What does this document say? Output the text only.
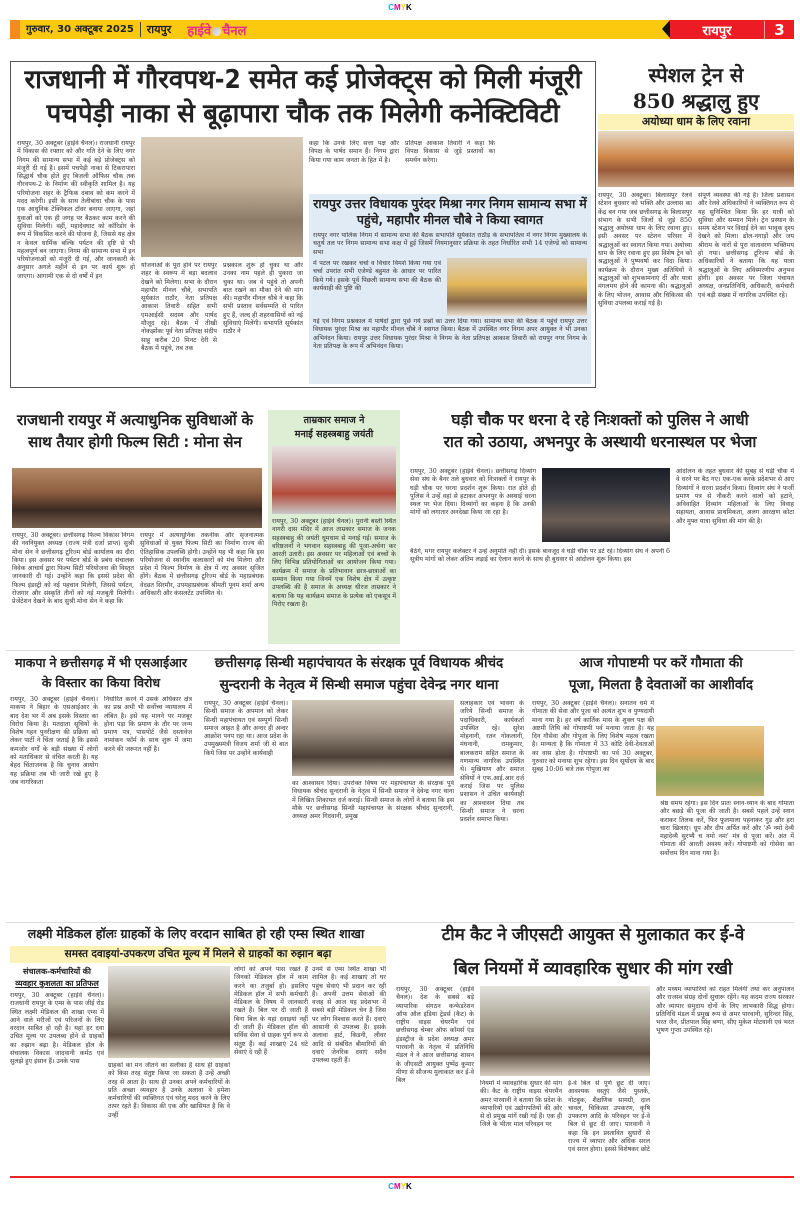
CMYK
गुरुवार, 30 अक्टूबर 2025	रायपुर	हाईवे चैनल	रायपुर	3
राजधानी में गौरवपथ-2 समेत कई प्रोजेक्ट्स को मिली मंजूरी
पचपेड़ी नाका से बूढ़ापारा चौक तक मिलेगी कनेक्टिविटी
रायपुर, 30 अक्टूबर (हाईवे चैनल)। राजधानी रायपुर में विकास की रफ्तार को और गति देने के लिए नगर निगम की सामान्य सभा में कई बड़े प्रोजेक्ट्स को मंजूरी दी गई है। इसमें पचपेड़ी नाका से टिकरापारा सिद्धार्थ चौक होते हुए बिजली ऑफिस चौक तक गौरवपथ-2 के निर्माण की स्वीकृति शामिल है। यह परियोजना शहर के ट्रैफिक दबाव को कम करने में मदद करेगी। इसी के साथ तेलीबांधा चौक के पास एक आधुनिक टेक्निकल टॉवर बनाया जाएगा, जहां युवाओं को एक ही जगह पर बैठकर काम करने की सुविधा मिलेगी। वहीं, महादेवघाट को कॉरिडोर के रूप में विकसित करने की योजना है, जिससे यह क्षेत्र न केवल धार्मिक बल्कि पर्यटन की दृष्टि से भी महत्वपूर्ण बन जाएगा। निगम की सामान्य सभा में इन परियोजनाओं को मंजूरी दी गई, और जानकारी के अनुसार अगले महीने से इन पर कार्य शुरू हो जाएगा। आगामी एक से दो वर्षों में इन
योजनाओं के पूरा होने पर रायपुर शहर के स्वरूप में बड़ा बदलाव देखने को मिलेगा। सभा के दौरान महापौर मीनल चौबे, सभापति सूर्यकांत राठौर, नेता प्रतिपक्ष आकाश तिवारी सहित सभी एमआईसी सदस्य और पार्षद मौजूद रहे। बैठक में तीखी नोकझोंकः पूर्व नेता प्रतिपक्ष संदीप साहू करीब 20 मिनट देरी से बैठक में पहुंचे, तब तक
प्रश्नकाल शुरू हो चुका था और उनका नाम पहले ही पुकारा जा चुका था। जब वे पहुंचे तो अपनी बात रखने का मौका देने की मांग की। महापौर मीनल चौबे ने कहा कि सभी प्रस्ताव सर्वसम्मति से पारित हुए हैं, जल्द ही शहरवासियों को नई सुविधाएं मिलेंगी। सभापति सूर्यकांत राठौर ने
कहा कि उनके लिए सत्ता पक्ष और विपक्ष के पार्षद समान हैं। निगम द्वारा किया गया काम जनता के हित में है।
प्रतिपक्ष आकाश तिवारी ने कहा कि विपक्ष विकास से जुड़े प्रस्तावों का समर्थन करेगा।
रायपुर उत्तर विधायक पुरंदर मिश्रा नगर निगम सामान्य सभा में पहुंचे, महापौर मीनल चौबे ने किया स्वागत
रायपुर नगर पालिक निगम में सामान्य सभा की बैठक सभापति सूर्यकांत राठौड़ के सभापतित्व में नगर निगम मुख्यालय के चतुर्थ तल पर निगम सामान्य सभा कक्ष में हुई जिसमें नियमानुसार प्रक्रिया के तहत निर्धारित सभी 14 एजेण्डे को सामान्य सभा
में पटल पर रखकर चर्चा व विचार विमर्श किया गया एवं चर्चा उपरांत सभी एजेण्डे बहुमत के आधार पर पारित किये गये। इसके पूर्व पिछली सामान्य सभा की बैठक की कार्यवाही की पुष्टि की
गई एवं निगम प्रश्नकाल में पार्षदों द्वारा पूछे गये प्रश्नों का उत्तर दिया गया। सामान्य सभा की बैठक में पहुंचे रायपुर उत्तर विधायक पुरंदर मिश्रा का महापौर मीनल चौबे ने स्वागत किया। बैठक में उपस्थित नगर निगम अपर आयुक्त ने भी उनका अभिनंदन किया। रायपुर उत्तर विधायक पुरंदर मिश्रा ने निगम के नेता प्रतिपक्ष आकाश तिवारी को रायपुर नगर निगम के नेता प्रतिपक्ष के रूप में अभिनंदन किया।
स्पेशल ट्रेन से
850 श्रद्धालु हुए
अयोध्या धाम के लिए रवाना
रायपुर, 30 अक्टूबर। बिलासपुर रेलवे स्टेशन बुधवार को भक्ति और उल्लास का केंद्र बन गया जब छत्तीसगढ़ के बिलासपुर संभाग के सभी जिलों से जुड़े 850 श्रद्धालु अयोध्या धाम के लिए रवाना हुए। इसी अवसर पर स्टेशन परिसर में श्रद्धालुओं का स्वागत किया गया। अयोध्या धाम के लिए रवाना हुए इस विशेष ट्रेन को श्रद्धालुओं ने पुष्पवर्षा कर विदा किया। कार्यक्रम के दौरान मुख्य अतिथियों ने श्रद्धालुओं को शुभकामनाएं दीं और यात्रा मंगलमय होने की कामना की। श्रद्धालुओं के लिए भोजन, आवास और चिकित्सा की सुविधा उपलब्ध कराई गई है।
संपूर्ण व्यवस्था की गई है। जिला प्रशासन और रेलवे अधिकारियों ने व्यक्तिगत रूप से यह सुनिश्चित किया कि हर यात्री को सुविधा और सम्मान मिले। ट्रेन प्रस्थान के समय स्टेशन पर विदाई देने का भावुक दृश्य देखने को मिला। ढोल-नगाड़ों और जय श्रीराम के नारों से पूरा वातावरण भक्तिमय हो गया। छत्तीसगढ़ टूरिज्म बोर्ड के अधिकारियों ने बताया कि यह यात्रा श्रद्धालुओं के लिए अविस्मरणीय अनुभव होगी। इस अवसर पर जिला पंचायत अध्यक्ष, जनप्रतिनिधि, अधिकारी, कर्मचारी एवं बड़ी संख्या में नागरिक उपस्थित रहे।
राजधानी रायपुर में अत्याधुनिक सुविधाओं के
साथ तैयार होगी फिल्म सिटी : मोना सेन
रायपुर, 30 अक्टूबर। छत्तीसगढ़ फिल्म विकास निगम की नवनियुक्त अध्यक्ष (राज्य मंत्री दर्जा प्राप्त) सुश्री मोना सेन ने छत्तीसगढ़ टूरिज्म बोर्ड कार्यालय का दौरा किया। इस अवसर पर पर्यटन बोर्ड के प्रबंध संचालक विवेक आचार्य द्वारा फिल्म सिटी परियोजना की विस्तृत जानकारी दी गई। उन्होंने कहा कि इससे प्रदेश की फिल्म इंडस्ट्री को नई पहचान मिलेगी, जिससे पर्यटन, रोजगार और संस्कृति तीनों को नई मजबूती मिलेगी। प्रेजेंटेशन देखने के बाद सुश्री मोना सेन ने कहा कि
रायपुर में अत्याधुनिक तकनीक और सृजनात्मक सुविधाओं से युक्त फिल्म सिटी का निर्माण राज्य की ऐतिहासिक उपलब्धि होगी। उन्होंने यह भी कहा कि इस परियोजना से स्थानीय कलाकारों को मंच मिलेगा और प्रदेश में फिल्म निर्माण के क्षेत्र में नए अवसर सृजित होंगे। बैठक में छत्तीसगढ़ टूरिज्म बोर्ड के महाप्रबंधक वेदव्रत सिरमौर, उपमहाप्रबंधक श्रीमती पूनम शर्मा अन्य अधिकारी और कंसलटेंट उपस्थित थे।
ताम्रकार समाज ने
मनाई सहस्त्रबाहु जयंती
रायपुर, 30 अक्टूबर (हाईवे चैनल)। पुरानी बस्ती स्थित नागरी दास मंदिर में आज ताम्रकार समाज के जनक सहस्त्रबाहु की जयंती धूमधाम से मनाई गई। समाज के वरिष्ठजनों ने भगवान सहस्त्रबाहु की पूजा-अर्चना कर आरती उतारी। इस अवसर पर महिलाओं एवं बच्चों के लिए विभिन्न प्रतियोगिताओं का आयोजन किया गया। कार्यक्रम में समाज के प्रतिभावान छात्र-छात्राओं का सम्मान किया गया जिनमें एक विशेष क्षेत्र में उत्कृष्ट उपलब्धि की है समाज के अध्यक्ष धीरज ताम्रकार ने बताया कि यह कार्यक्रम समाज के प्रत्येक को एकसूत्र में पिरोए रखता है।
घड़ी चौक पर धरना दे रहे निःशक्तों को पुलिस ने आधी
रात को उठाया, अभनपुर के अस्थायी धरनास्थल पर भेजा
रायपुर, 30 अक्टूबर (हाईवे चैनल)। छत्तीसगढ़ दिव्यांग सेवा संघ के बैनर तले बुधवार को निःशक्तों ने रायपुर के घड़ी चौक पर धरना प्रदर्शन शुरू किया। रात होते ही पुलिस ने उन्हें वहां से हटाकर अभनपुर के अस्थाई धरना स्थल पर भेज दिया। दिव्यांगों का कहना है कि उनकी मांगों को लगातार अनदेखा किया जा रहा है।
बैठेंगे, मगर रायपुर कलेक्टर ने उन्हें अनुमति नहीं दी। इसके बावजूद वे घड़ी चौक पर डटे रहे। दिव्यांग संघ ने अपनी 6 सूत्रीय मांगों को लेकर अंतिम लड़ाई का ऐलान करने के साथ ही बुधवार से आंदोलन शुरू किया। इस
आंदोलन के तहत बुधवार की सुबह से घड़ी चौक में वे धरने पर बैठ गए। एक-एक करके प्रदेशभर से आए दिव्यांगों ने धरना प्रदर्शन किया। दिव्यांग संघ ने फर्जी प्रमाण पत्र से नौकरी करने वालों को हटाने, अविवाहित दिव्यांग महिलाओं के लिए विवाह सहायता, आवास प्राथमिकता, अलग आरक्षण कोटा और मुफ्त यात्रा सुविधा की मांग की है।
माकपा ने छत्तीसगढ़ में भी एसआईआर
के विस्तार का किया विरोध
रायपुर, 30 अक्टूबर (हाईवे चैनल)। माकपा ने बिहार के एसआईआर के बाद देश भर में अब इसके विस्तार का विरोध किया है। मतदाता सूचियों के विशेष गहन पुनरीक्षण की प्रक्रिया को लेकर पार्टी ने चिंता जताई है कि इससे कमजोर वर्गों के बड़ी संख्या में लोगों को मताधिकार से वंचित करती है। यह बेहद चिंताजनक है कि चुनाव आयोग यह प्रक्रिया तब भी जारी रखे हुए है जब नागरिकता
निर्धारित करने में उसके अधिकार क्षेत्र का प्रश्न अभी भी सर्वोच्च न्यायालय में लंबित है। इसे यह मानने पर मजबूर होना पड़ा कि प्रमाण के तौर पर जन्म प्रमाण पत्र, पासपोर्ट जैसे दस्तावेज नामांकन फॉर्म के साथ शुरू में जमा करने की जरूरत नहीं है।
छत्तीसगढ़ सिन्धी महापंचायत के संरक्षक पूर्व विधायक श्रीचंद
सुन्दरानी के नेतृत्व में सिन्धी समाज पहुंचा देवेन्द्र नगर थाना
रायपुर, 30 अक्टूबर (हाईवे चैनल)। सिन्धी समाज के अपमान को लेकर सिन्धी महापंचायत एवं सम्पूर्ण सिन्धी समाज आहत है और अन्दर ही अन्दर आक्रोश पनप रहा था। आज प्रदेश के उपमुख्यमंत्री विजय शर्मा जी से बात किये जिस पर उन्होंने कार्यवाही
का आश्वासन दिया। उपरोक्त विषय पर महापंचायत के संरक्षक पूर्व विधायक श्रीचंद सुन्दरानी के नेतृत्व में सिन्धी समाज ने देवेन्द्र नगर थाना में लिखित शिकायत दर्ज कराई। सिन्धी समाज के लोगों ने बताया कि इस मौके पर छत्तीसगढ़ सिन्धी महापंचायत के संरक्षक श्रीचंद सुन्दरानी, अध्यक्ष अमर गिदवानी, प्रमुख
सलाहकार एवं भावना के जरिये सिन्धी समाज के पदाधिकारी, कार्यकर्ता उपस्थित रहे। सुरेश मोहनानी, रतन गोकलानी, मंघनानी, रामकुमार, बालकराम सहित समाज के गणमान्य नागरिक उपस्थित थे। मुखियाण और समाज सेवियों ने एफ.आई.आर दर्ज कराई जिस पर पुलिस प्रशासन ने उचित कार्यवाही का आश्वासन दिया तब सिन्धी समाज ने धरना प्रदर्शन समाप्त किया।
आज गोपाष्टमी पर करें गौमाता की
पूजा, मिलता है देवताओं का आशीर्वाद
रायपुर, 30 अक्टूबर (हाईवे चैनल)। सनातन धर्म में गोमाता की सेवा और पूजा को अत्यंत शुभ व पुण्यदायी माना गया है। हर वर्ष कार्तिक मास के शुक्ल पक्ष की अष्टमी तिथि को गोपाष्टमी पर्व मनाया जाता है। यह दिन गौसेवा और गोपूजा के लिए विशेष महत्व रखता है। मान्यता है कि गोमाता में 33 कोटि देवी-देवताओं का वास होता है। गोपाष्टमी का पर्व 30 अक्टूबर, गुरुवार को मनाया शुभ रहेगा। इस दिन सूर्योदय के बाद सुबह 10:06 बजे तक गोपूजा का
श्रेष्ठ समय रहेगा। इस दिन प्रातः स्नान-ध्यान के बाद गोमाता और बछड़े की पूजा की जाती है। सबसे पहले उन्हें स्नान कराकर तिलक करें, फिर फूलमाला पहनाकर गुड़ और हरा चारा खिलाएं। धूप और दीप अर्पित करें और 'ॐ नमो देव्यै महादेव्यै सुरभ्यै च नमो नमः' मंत्र से पूजा करें। अंत में गोमाता की आरती अवश्य करें। गोपाष्टमी को गोसेवा का सर्वोत्तम दिन माना गया है।
लक्ष्मी मेडिकल हॉलः ग्राहकों के लिए वरदान साबित हो रही एम्स स्थित शाखा
समस्त दवाइयां-उपकरण उचित मूल्य में मिलने से ग्राहकों का रुझान बढ़ा
संचालक-कर्मचारियों की
व्यवहार कुशलता का प्रतिफल
रायपुर, 30 अक्टूबर (हाईवे चैनल)। राजधानी रायपुर के एम्स के पास जीई रोड स्थित लक्ष्मी मेडिकल की शाखा एम्स में आने वाले मरीजों एवं परिजनों के लिए वरदान साबित हो रही है। यहां हर दवा उचित मूल्य पर उपलब्ध होने से ग्राहकों का रुझान बढ़ा है। मेडिकल हॉल के संचालक विकास जादवानी कर्मठ एवं सुलझे हुए इंसान हैं। उनके पास
ग्राहकों का मन जीतने का सलीका है साथ ही ग्राहकों को किस तरह संतुष्ट किया जा सकता है उन्हें अच्छी तरह से आता है। साथ ही उनका अपने कर्मचारियों के प्रति अच्छा व्यवहार है उनके अलावा वे हमेशा कर्मचारियों की व्यक्तिगत एवं घरेलू मदद करने के लिए तत्पर रहते हैं। विकास की एक और खासियत है कि वे उन्हीं
लोगों को अपने पास रखते हैं जिनको मेडिकल हॉल में काम करने का तजुर्बा हो। इसलिए मेडिकल हॉल में सभी कर्मचारी मेडिकल के विषय में जानकारी रखते हैं। बिल पर दी जाती हैं बिना बिल के यहां दवाइयां नहीं दी जाती हैं। मेडिकल हॉल की सर्विस सेवा से ग्राहक पूर्ण रूप से संतुष्ट हैं। कई शाखाएं 24 घंटे सेवाएं दे रही हैं
उनमें से एम्स स्थित शाखा भी शामिल है। कई शाखाएं तो घर पहुंच सेवाएं भी प्रदान कर रही हैं। अपनी उत्तम सेवाओं की वजह से आज यह प्रदेशभर में सबसे बड़ी मेडिकल चेन है जिस पर लोग विश्वास करते हैं। दवाएं आसानी से उपलब्ध हैं। इसके अलावा हार्ट, किडनी, लीवर आदि से संबंधित बीमारियों की दवाएं जेनरिक दवाएं सदैव उपलब्ध रहती हैं।
टीम कैट ने जीएसटी आयुक्त से मुलाकात कर ई-वे
बिल नियमों में व्यावहारिक सुधार की मांग रखी
रायपुर, 30 अक्टूबर (हाईवे चैनल)। देश के सबसे बड़े व्यापारिक संगठन कन्फेडरेशन ऑफ ऑल इंडिया ट्रेडर्स (कैट) के राष्ट्रीय वाइस चेयरमैन एवं छत्तीसगढ़ चेम्बर ऑफ कॉमर्स एंड इंडस्ट्रीज के प्रदेश अध्यक्ष अमर पारवानी के नेतृत्व में प्रतिनिधि मंडल ने ने आज छत्तीसगढ़ शासन के जीएसटी आयुक्त पुष्पेंद्र कुमार मीणा से सौजन्य मुलाकात कर ई-वे बिल	नियमों में व्यावहारिक सुधार की मांग की। कैट के राष्ट्रीय वाइस चेयरमैन अमर पारवानी ने बताया कि प्रदेश के व्यापारियों एवं उद्योगपतियों की ओर से दो प्रमुख मांगें रखी गई हैं। एक ही जिले के भीतर माल परिवहन पर
ई-वे बिल से पूर्ण छूट दी जाए। आवश्यक वस्तुएं जैसे पुस्तकें, नोटबुक, शैक्षणिक सामग्री, दाल चावल, चिकित्सा उपकरण, कृषि उपकरण आदि के परिवहन पर ई-वे बिल से छूट दी जाए। पारवानी ने कहा कि इन प्रस्तावित सुधारों से राज्य में व्यापार और अधिक सरल एवं सरल होगा। इससे विशेषकर छोटे
और मध्यम व्यापारियों को राहत मिलेगी तथा कर अनुपालन और राजस्व संग्रह दोनों सुचारू रहेंगे। यह कदम राज्य सरकार और व्यापार समुदाय दोनों के लिए लाभकारी सिद्ध होगा। प्रतिनिधि मंडल में प्रमुख रूप से अमर पारवानी, सुरिन्दर सिंह, भरत जैन, प्रीतपाल सिंह बग्गा, सीए मुकेश मोटवानी एवं भरत भूषण गुप्ता उपस्थित रहे।
CMYK
